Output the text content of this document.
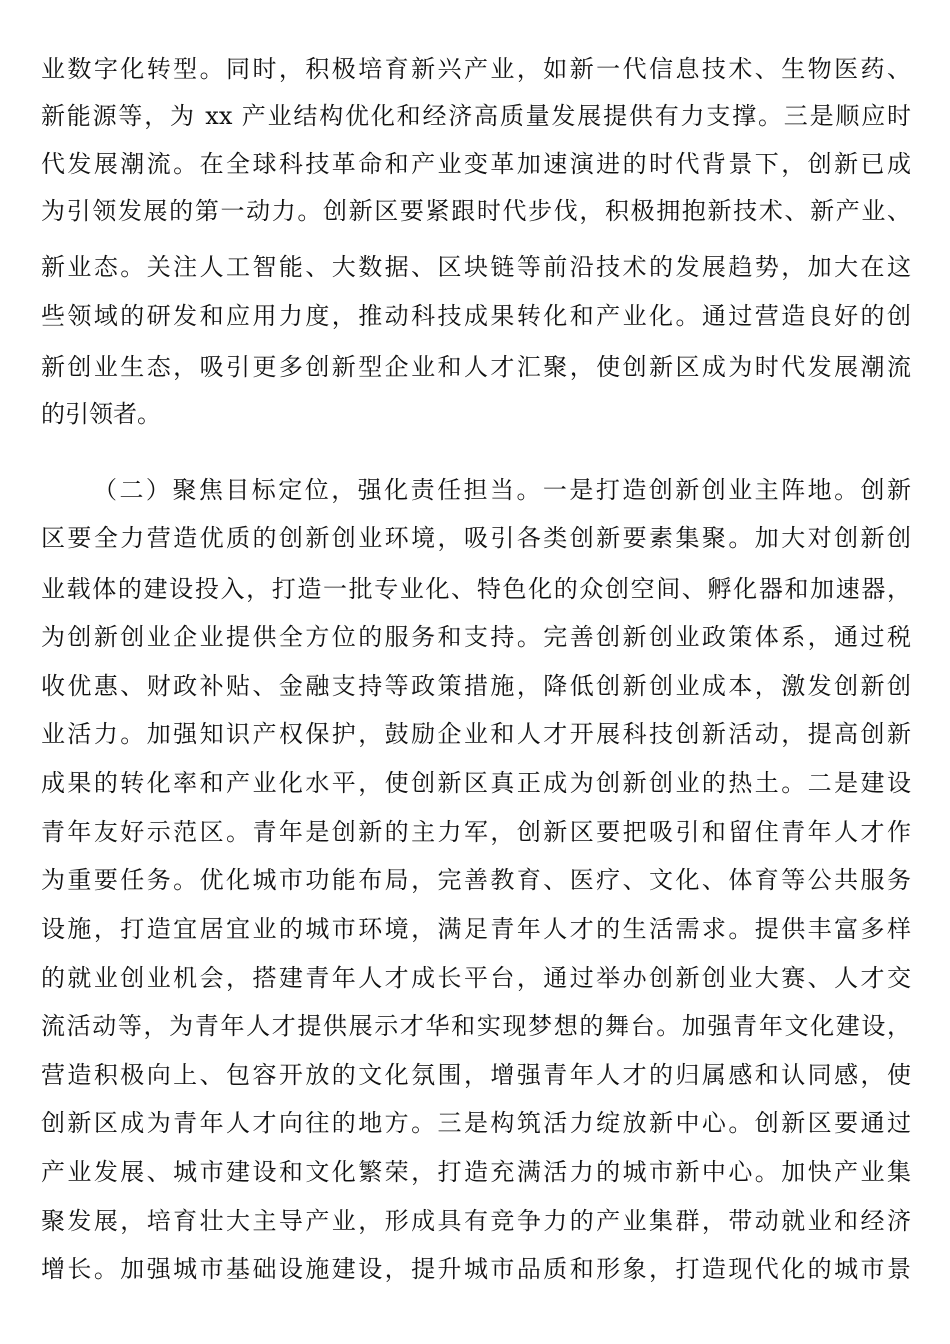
业数字化转型。同时，积极培育新兴产业，如新一代信息技术、生物医药、
新能源等，为 xx 产业结构优化和经济高质量发展提供有力支撑。三是顺应时
代发展潮流。在全球科技革命和产业变革加速演进的时代背景下，创新已成
为引领发展的第一动力。创新区要紧跟时代步伐，积极拥抱新技术、新产业、
新业态。关注人工智能、大数据、区块链等前沿技术的发展趋势，加大在这
些领域的研发和应用力度，推动科技成果转化和产业化。通过营造良好的创
新创业生态，吸引更多创新型企业和人才汇聚，使创新区成为时代发展潮流
的引领者。
（二）聚焦目标定位，强化责任担当。一是打造创新创业主阵地。创新
区要全力营造优质的创新创业环境，吸引各类创新要素集聚。加大对创新创
业载体的建设投入，打造一批专业化、特色化的众创空间、孵化器和加速器，
为创新创业企业提供全方位的服务和支持。完善创新创业政策体系，通过税
收优惠、财政补贴、金融支持等政策措施，降低创新创业成本，激发创新创
业活力。加强知识产权保护，鼓励企业和人才开展科技创新活动，提高创新
成果的转化率和产业化水平，使创新区真正成为创新创业的热土。二是建设
青年友好示范区。青年是创新的主力军，创新区要把吸引和留住青年人才作
为重要任务。优化城市功能布局，完善教育、医疗、文化、体育等公共服务
设施，打造宜居宜业的城市环境，满足青年人才的生活需求。提供丰富多样
的就业创业机会，搭建青年人才成长平台，通过举办创新创业大赛、人才交
流活动等，为青年人才提供展示才华和实现梦想的舞台。加强青年文化建设，
营造积极向上、包容开放的文化氛围，增强青年人才的归属感和认同感，使
创新区成为青年人才向往的地方。三是构筑活力绽放新中心。创新区要通过
产业发展、城市建设和文化繁荣，打造充满活力的城市新中心。加快产业集
聚发展，培育壮大主导产业，形成具有竞争力的产业集群，带动就业和经济
增长。加强城市基础设施建设，提升城市品质和形象，打造现代化的城市景
